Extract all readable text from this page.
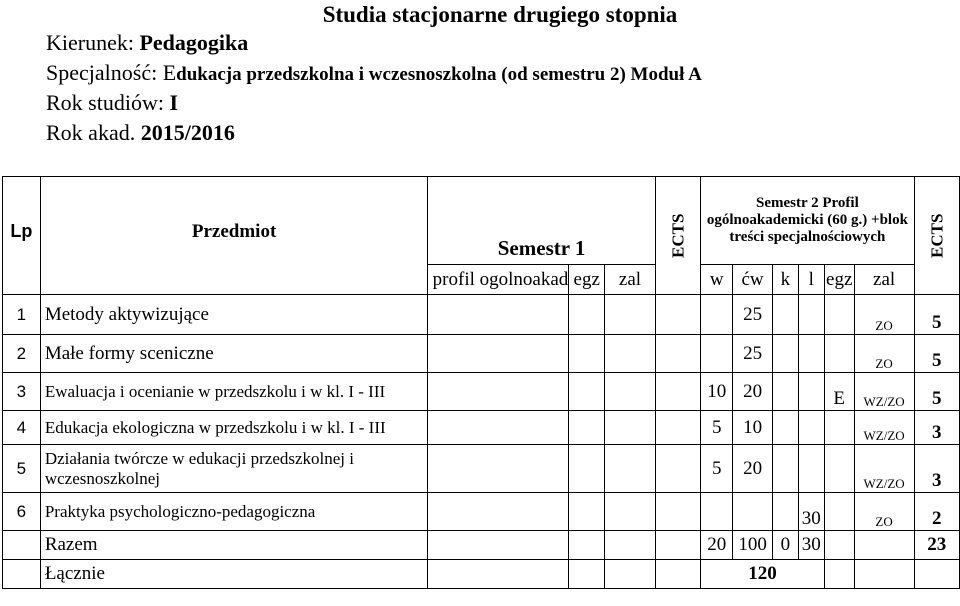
Studia stacjonarne drugiego stopnia
Kierunek: Pedagogika
Specjalność: Edukacja przedszkolna i wczesnoszkolna (od semestru 2) Moduł A
Rok studiów: I
Rok akad. 2015/2016
Lp	Przedmiot	Semestr 1			ECTS	Semestr 2 Profil ogólnoakademicki (60 g.) +blok treści specjalnościowych						ECTS
		profil ogolnoakad	egz	zal		w	ćw	k	l	egz	zal	
1	Metody aktywizujące						25				ZO	5
2	Małe formy sceniczne						25				ZO	5
3	Ewaluacja i ocenianie w przedszkolu i w kl. I - III					10	20			E	WZ/ZO	5
4	Edukacja ekologiczna w przedszkolu i w kl. I - III					5	10				WZ/ZO	3
5	Działania twórcze w edukacji przedszkolnej i wczesnoszkolnej					5	20				WZ/ZO	3
6	Praktyka psychologiczno-pedagogiczna								30		ZO	2
	Razem					20	100	0	30			23
	Łącznie					120						
